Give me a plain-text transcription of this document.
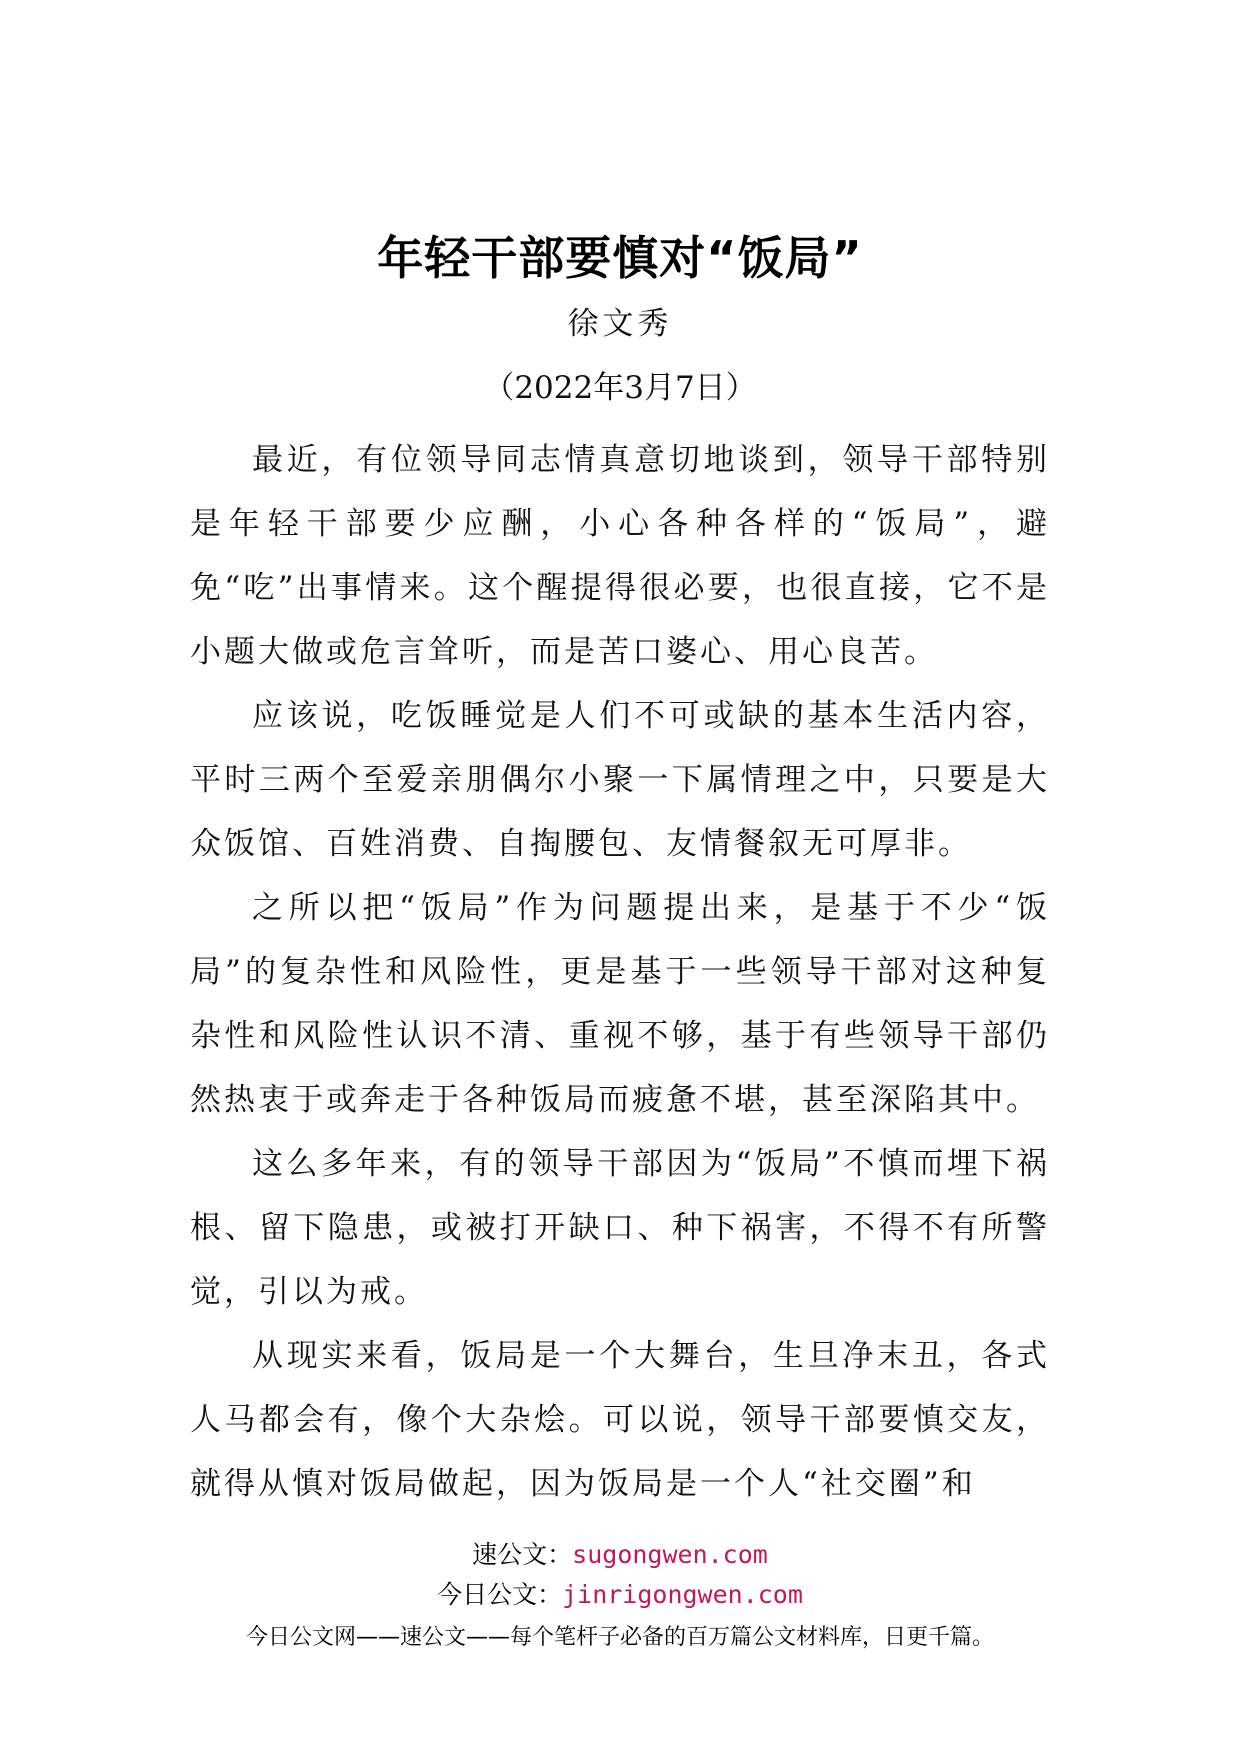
年轻干部要慎对“饭局”
徐文秀
（2022年3月7日）

最近，有位领导同志情真意切地谈到，领导干部特别是年轻干部要少应酬，小心各种各样的“饭局”，避免“吃”出事情来。这个醒提得很必要，也很直接，它不是小题大做或危言耸听，而是苦口婆心、用心良苦。

应该说，吃饭睡觉是人们不可或缺的基本生活内容，平时三两个至爱亲朋偶尔小聚一下属情理之中，只要是大众饭馆、百姓消费、自掏腰包、友情餐叙无可厚非。

之所以把“饭局”作为问题提出来，是基于不少“饭局”的复杂性和风险性，更是基于一些领导干部对这种复杂性和风险性认识不清、重视不够，基于有些领导干部仍然热衷于或奔走于各种饭局而疲惫不堪，甚至深陷其中。

这么多年来，有的领导干部因为“饭局”不慎而埋下祸根、留下隐患，或被打开缺口、种下祸害，不得不有所警觉，引以为戒。

从现实来看，饭局是一个大舞台，生旦净末丑，各式人马都会有，像个大杂烩。可以说，领导干部要慎交友，就得从慎对饭局做起，因为饭局是一个人“社交圈”和

速公文：sugongwen.com
今日公文：jinrigongwen.com
今日公文网——速公文——每个笔杆子必备的百万篇公文材料库，日更千篇。
